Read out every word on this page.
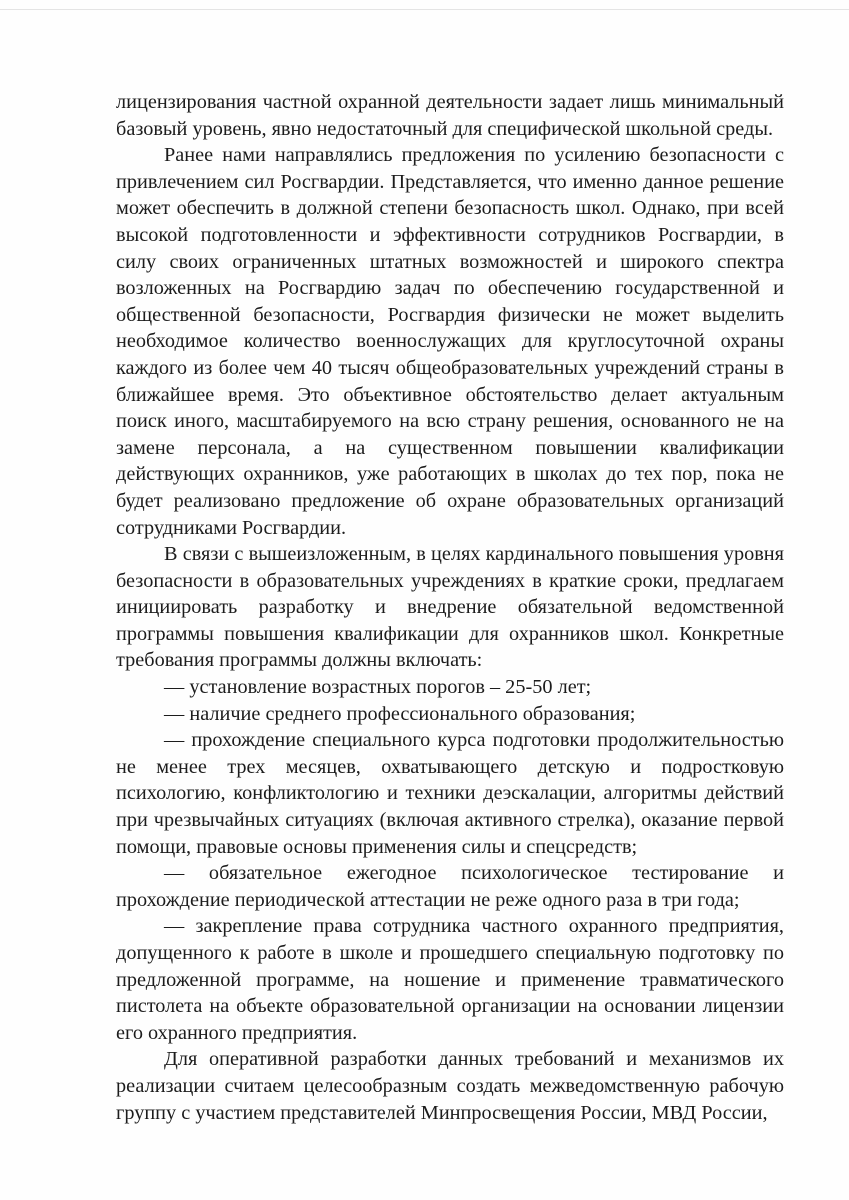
лицензирования частной охранной деятельности задает лишь минимальный базовый уровень, явно недостаточный для специфической школьной среды.

Ранее нами направлялись предложения по усилению безопасности с привлечением сил Росгвардии. Представляется, что именно данное решение может обеспечить в должной степени безопасность школ. Однако, при всей высокой подготовленности и эффективности сотрудников Росгвардии, в силу своих ограниченных штатных возможностей и широкого спектра возложенных на Росгвардию задач по обеспечению государственной и общественной безопасности, Росгвардия физически не может выделить необходимое количество военнослужащих для круглосуточной охраны каждого из более чем 40 тысяч общеобразовательных учреждений страны в ближайшее время. Это объективное обстоятельство делает актуальным поиск иного, масштабируемого на всю страну решения, основанного не на замене персонала, а на существенном повышении квалификации действующих охранников, уже работающих в школах до тех пор, пока не будет реализовано предложение об охране образовательных организаций сотрудниками Росгвардии.

В связи с вышеизложенным, в целях кардинального повышения уровня безопасности в образовательных учреждениях в краткие сроки, предлагаем инициировать разработку и внедрение обязательной ведомственной программы повышения квалификации для охранников школ. Конкретные требования программы должны включать:

— установление возрастных порогов – 25-50 лет;

— наличие среднего профессионального образования;

— прохождение специального курса подготовки продолжительностью не менее трех месяцев, охватывающего детскую и подростковую психологию, конфликтологию и техники деэскалации, алгоритмы действий при чрезвычайных ситуациях (включая активного стрелка), оказание первой помощи, правовые основы применения силы и спецсредств;

— обязательное ежегодное психологическое тестирование и прохождение периодической аттестации не реже одного раза в три года;

— закрепление права сотрудника частного охранного предприятия, допущенного к работе в школе и прошедшего специальную подготовку по предложенной программе, на ношение и применение травматического пистолета на объекте образовательной организации на основании лицензии его охранного предприятия.

Для оперативной разработки данных требований и механизмов их реализации считаем целесообразным создать межведомственную рабочую группу с участием представителей Минпросвещения России, МВД России,
